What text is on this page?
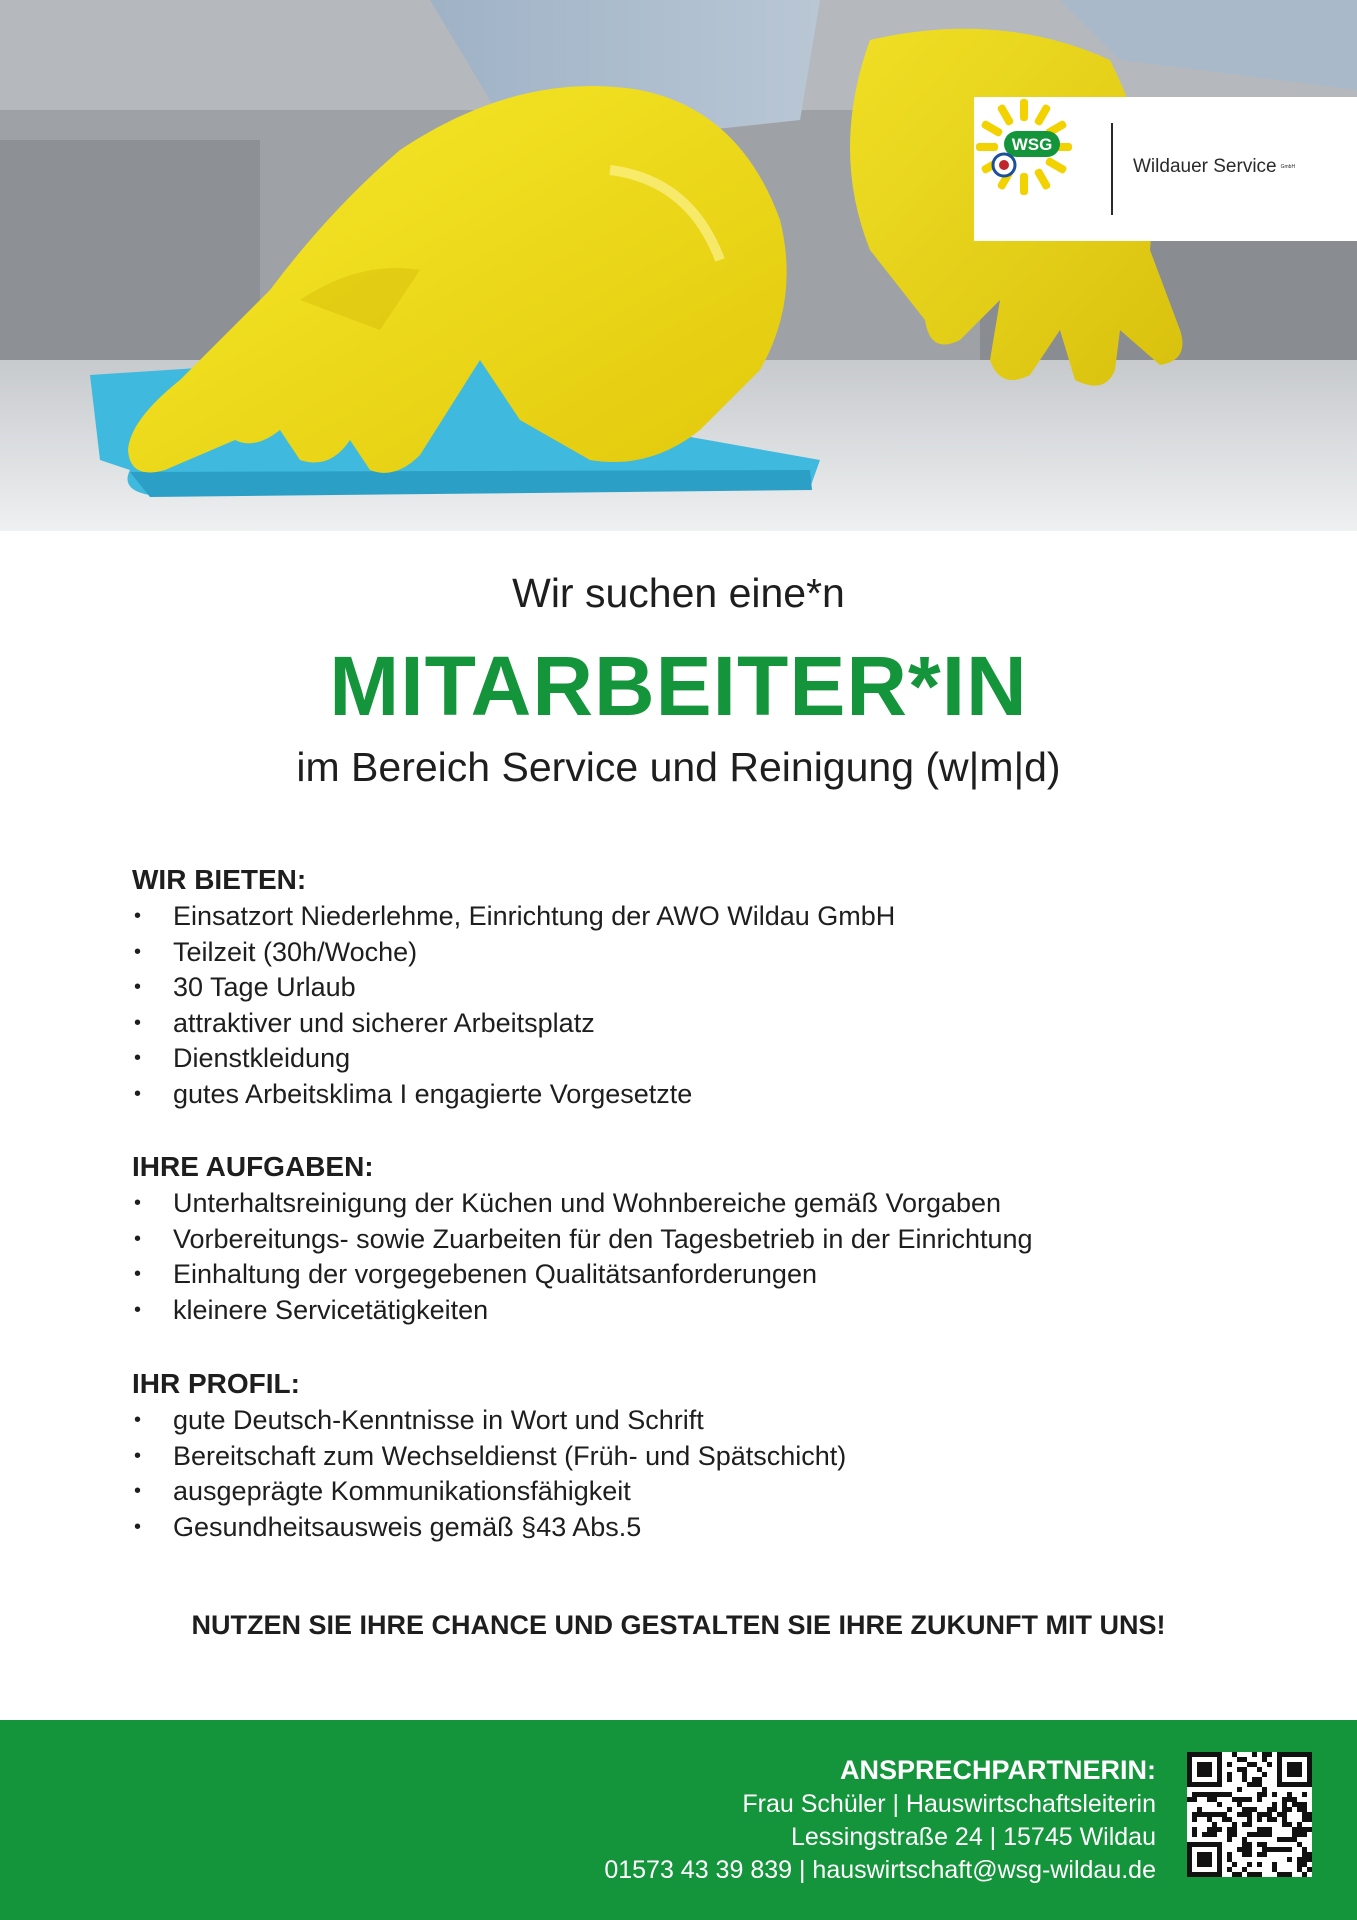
WSG
Wildauer Service GmbH
Wir suchen eine*n
MITARBEITER*IN
im Bereich Service und Reinigung (w|m|d)
WIR BIETEN:
• Einsatzort Niederlehme, Einrichtung der AWO Wildau GmbH
• Teilzeit (30h/Woche)
• 30 Tage Urlaub
• attraktiver und sicherer Arbeitsplatz
• Dienstkleidung
• gutes Arbeitsklima I engagierte Vorgesetzte
IHRE AUFGABEN:
• Unterhaltsreinigung der Küchen und Wohnbereiche gemäß Vorgaben
• Vorbereitungs- sowie Zuarbeiten für den Tagesbetrieb in der Einrichtung
• Einhaltung der vorgegebenen Qualitätsanforderungen
• kleinere Servicetätigkeiten
IHR PROFIL:
• gute Deutsch-Kenntnisse in Wort und Schrift
• Bereitschaft zum Wechseldienst (Früh- und Spätschicht)
• ausgeprägte Kommunikationsfähigkeit
• Gesundheitsausweis gemäß §43 Abs.5
NUTZEN SIE IHRE CHANCE UND GESTALTEN SIE IHRE ZUKUNFT MIT UNS!
ANSPRECHPARTNERIN:
Frau Schüler | Hauswirtschaftsleiterin
Lessingstraße 24 | 15745 Wildau
01573 43 39 839 | hauswirtschaft@wsg-wildau.de
